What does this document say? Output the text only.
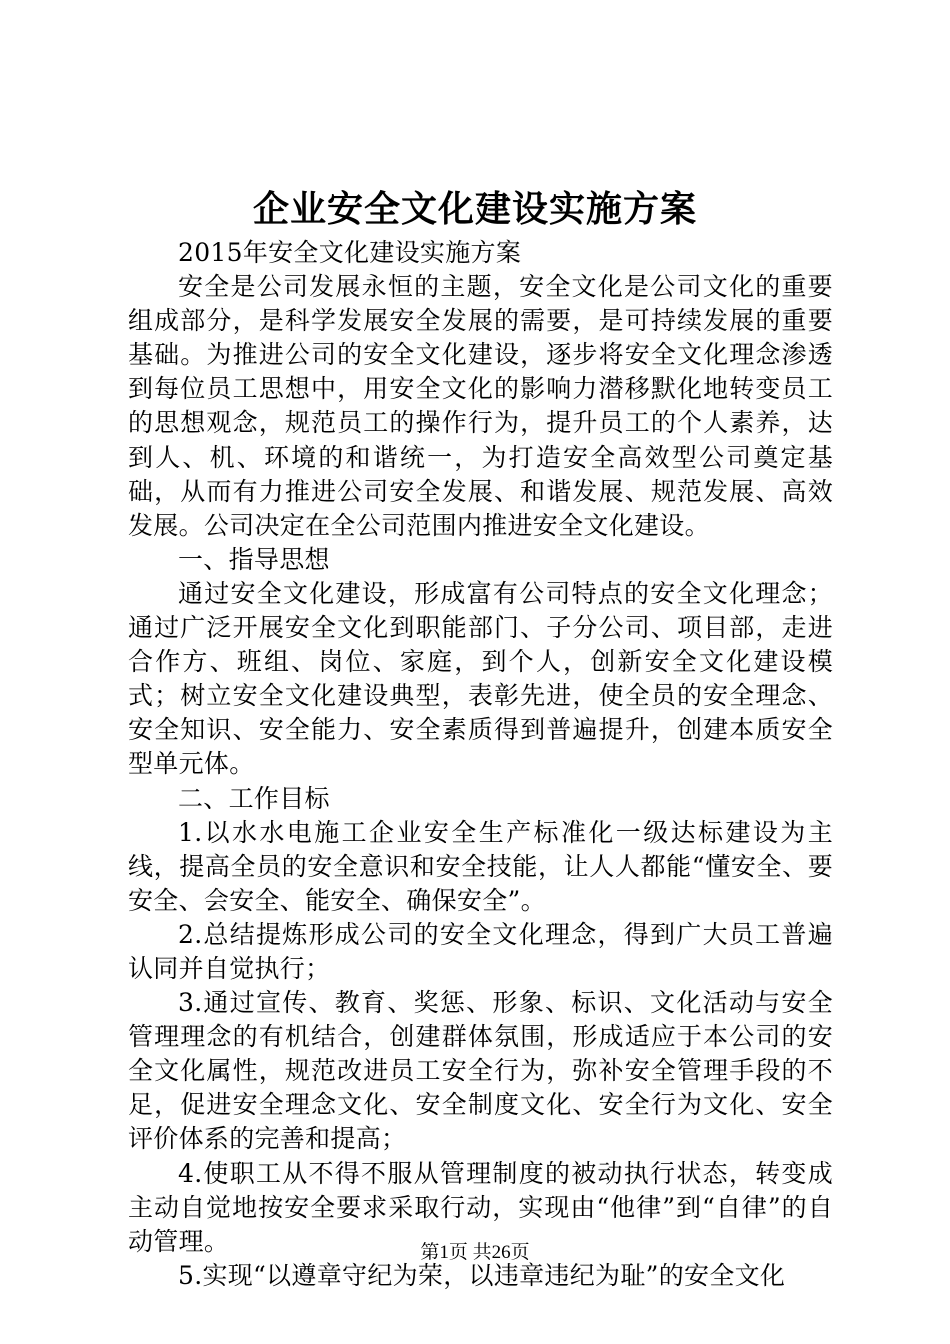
企业安全文化建设实施方案

2015年安全文化建设实施方案

安全是公司发展永恒的主题，安全文化是公司文化的重要组成部分，是科学发展安全发展的需要，是可持续发展的重要基础。为推进公司的安全文化建设，逐步将安全文化理念渗透到每位员工思想中，用安全文化的影响力潜移默化地转变员工的思想观念，规范员工的操作行为，提升员工的个人素养，达到人、机、环境的和谐统一，为打造安全高效型公司奠定基础，从而有力推进公司安全发展、和谐发展、规范发展、高效发展。公司决定在全公司范围内推进安全文化建设。

一、指导思想

通过安全文化建设，形成富有公司特点的安全文化理念；通过广泛开展安全文化到职能部门、子分公司、项目部，走进合作方、班组、岗位、家庭，到个人，创新安全文化建设模式；树立安全文化建设典型，表彰先进，使全员的安全理念、安全知识、安全能力、安全素质得到普遍提升，创建本质安全型单元体。

二、工作目标

1.以水水电施工企业安全生产标准化一级达标建设为主线，提高全员的安全意识和安全技能，让人人都能“懂安全、要安全、会安全、能安全、确保安全”。

2.总结提炼形成公司的安全文化理念，得到广大员工普遍认同并自觉执行；

3.通过宣传、教育、奖惩、形象、标识、文化活动与安全管理理念的有机结合，创建群体氛围，形成适应于本公司的安全文化属性，规范改进员工安全行为，弥补安全管理手段的不足，促进安全理念文化、安全制度文化、安全行为文化、安全评价体系的完善和提高；

4.使职工从不得不服从管理制度的被动执行状态，转变成主动自觉地按安全要求采取行动，实现由“他律”到“自律”的自动管理。

5.实现“以遵章守纪为荣，以违章违纪为耻”的安全文化

第1页 共26页
